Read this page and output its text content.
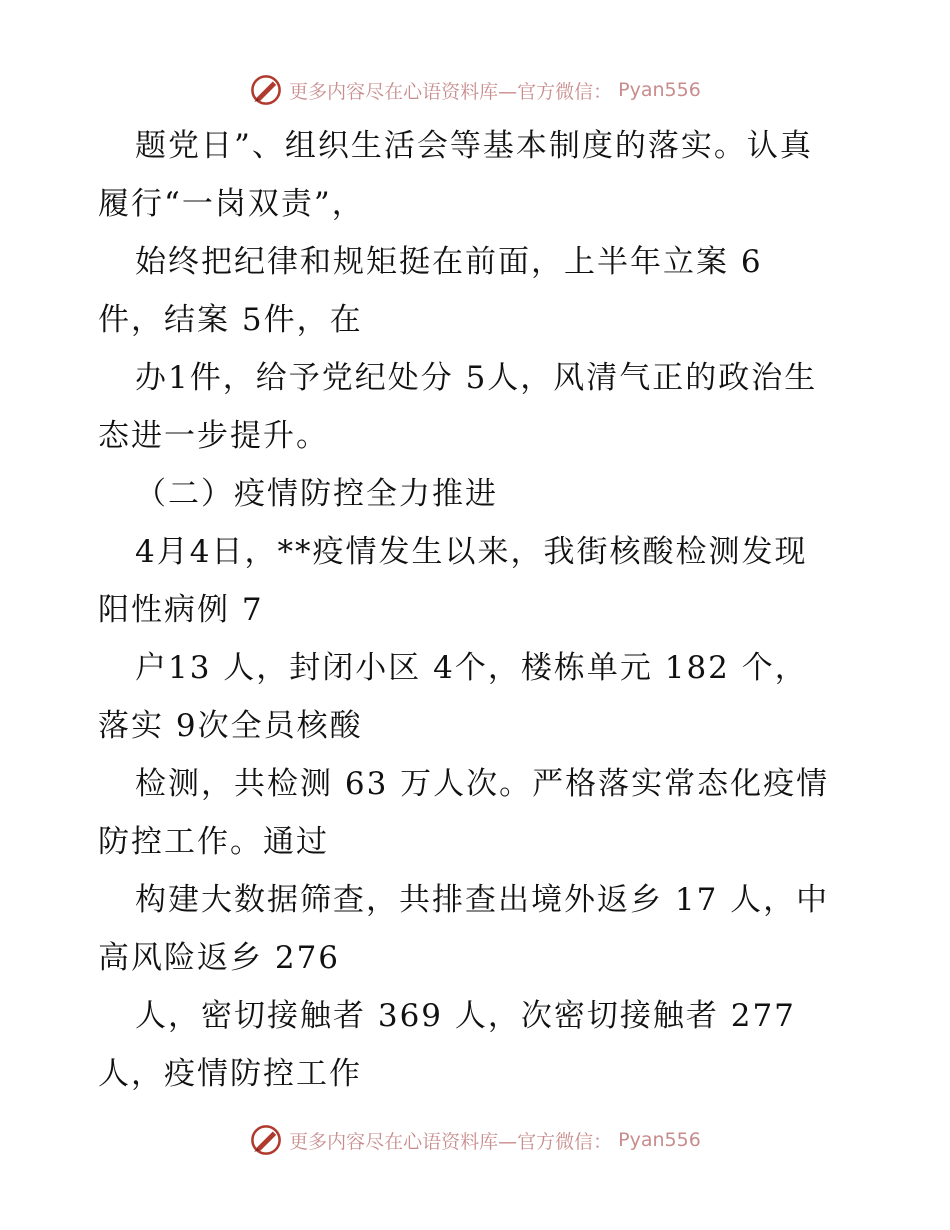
更多内容尽在心语资料库—官方微信： Pyan556
题党日”、组织生活会等基本制度的落实。认真
履行“一岗双责”，
始终把纪律和规矩挺在前面，上半年立案 6
件，结案 5件，在
办1件，给予党纪处分 5人，风清气正的政治生
态进一步提升。
（二）疫情防控全力推进
4月4日，**疫情发生以来，我街核酸检测发现
阳性病例 7
户13 人，封闭小区 4个，楼栋单元 182 个，
落实 9次全员核酸
检测，共检测 63 万人次。严格落实常态化疫情
防控工作。通过
构建大数据筛查，共排查出境外返乡 17 人，中
高风险返乡 276
人，密切接触者 369 人，次密切接触者 277
人，疫情防控工作
更多内容尽在心语资料库—官方微信： Pyan556
